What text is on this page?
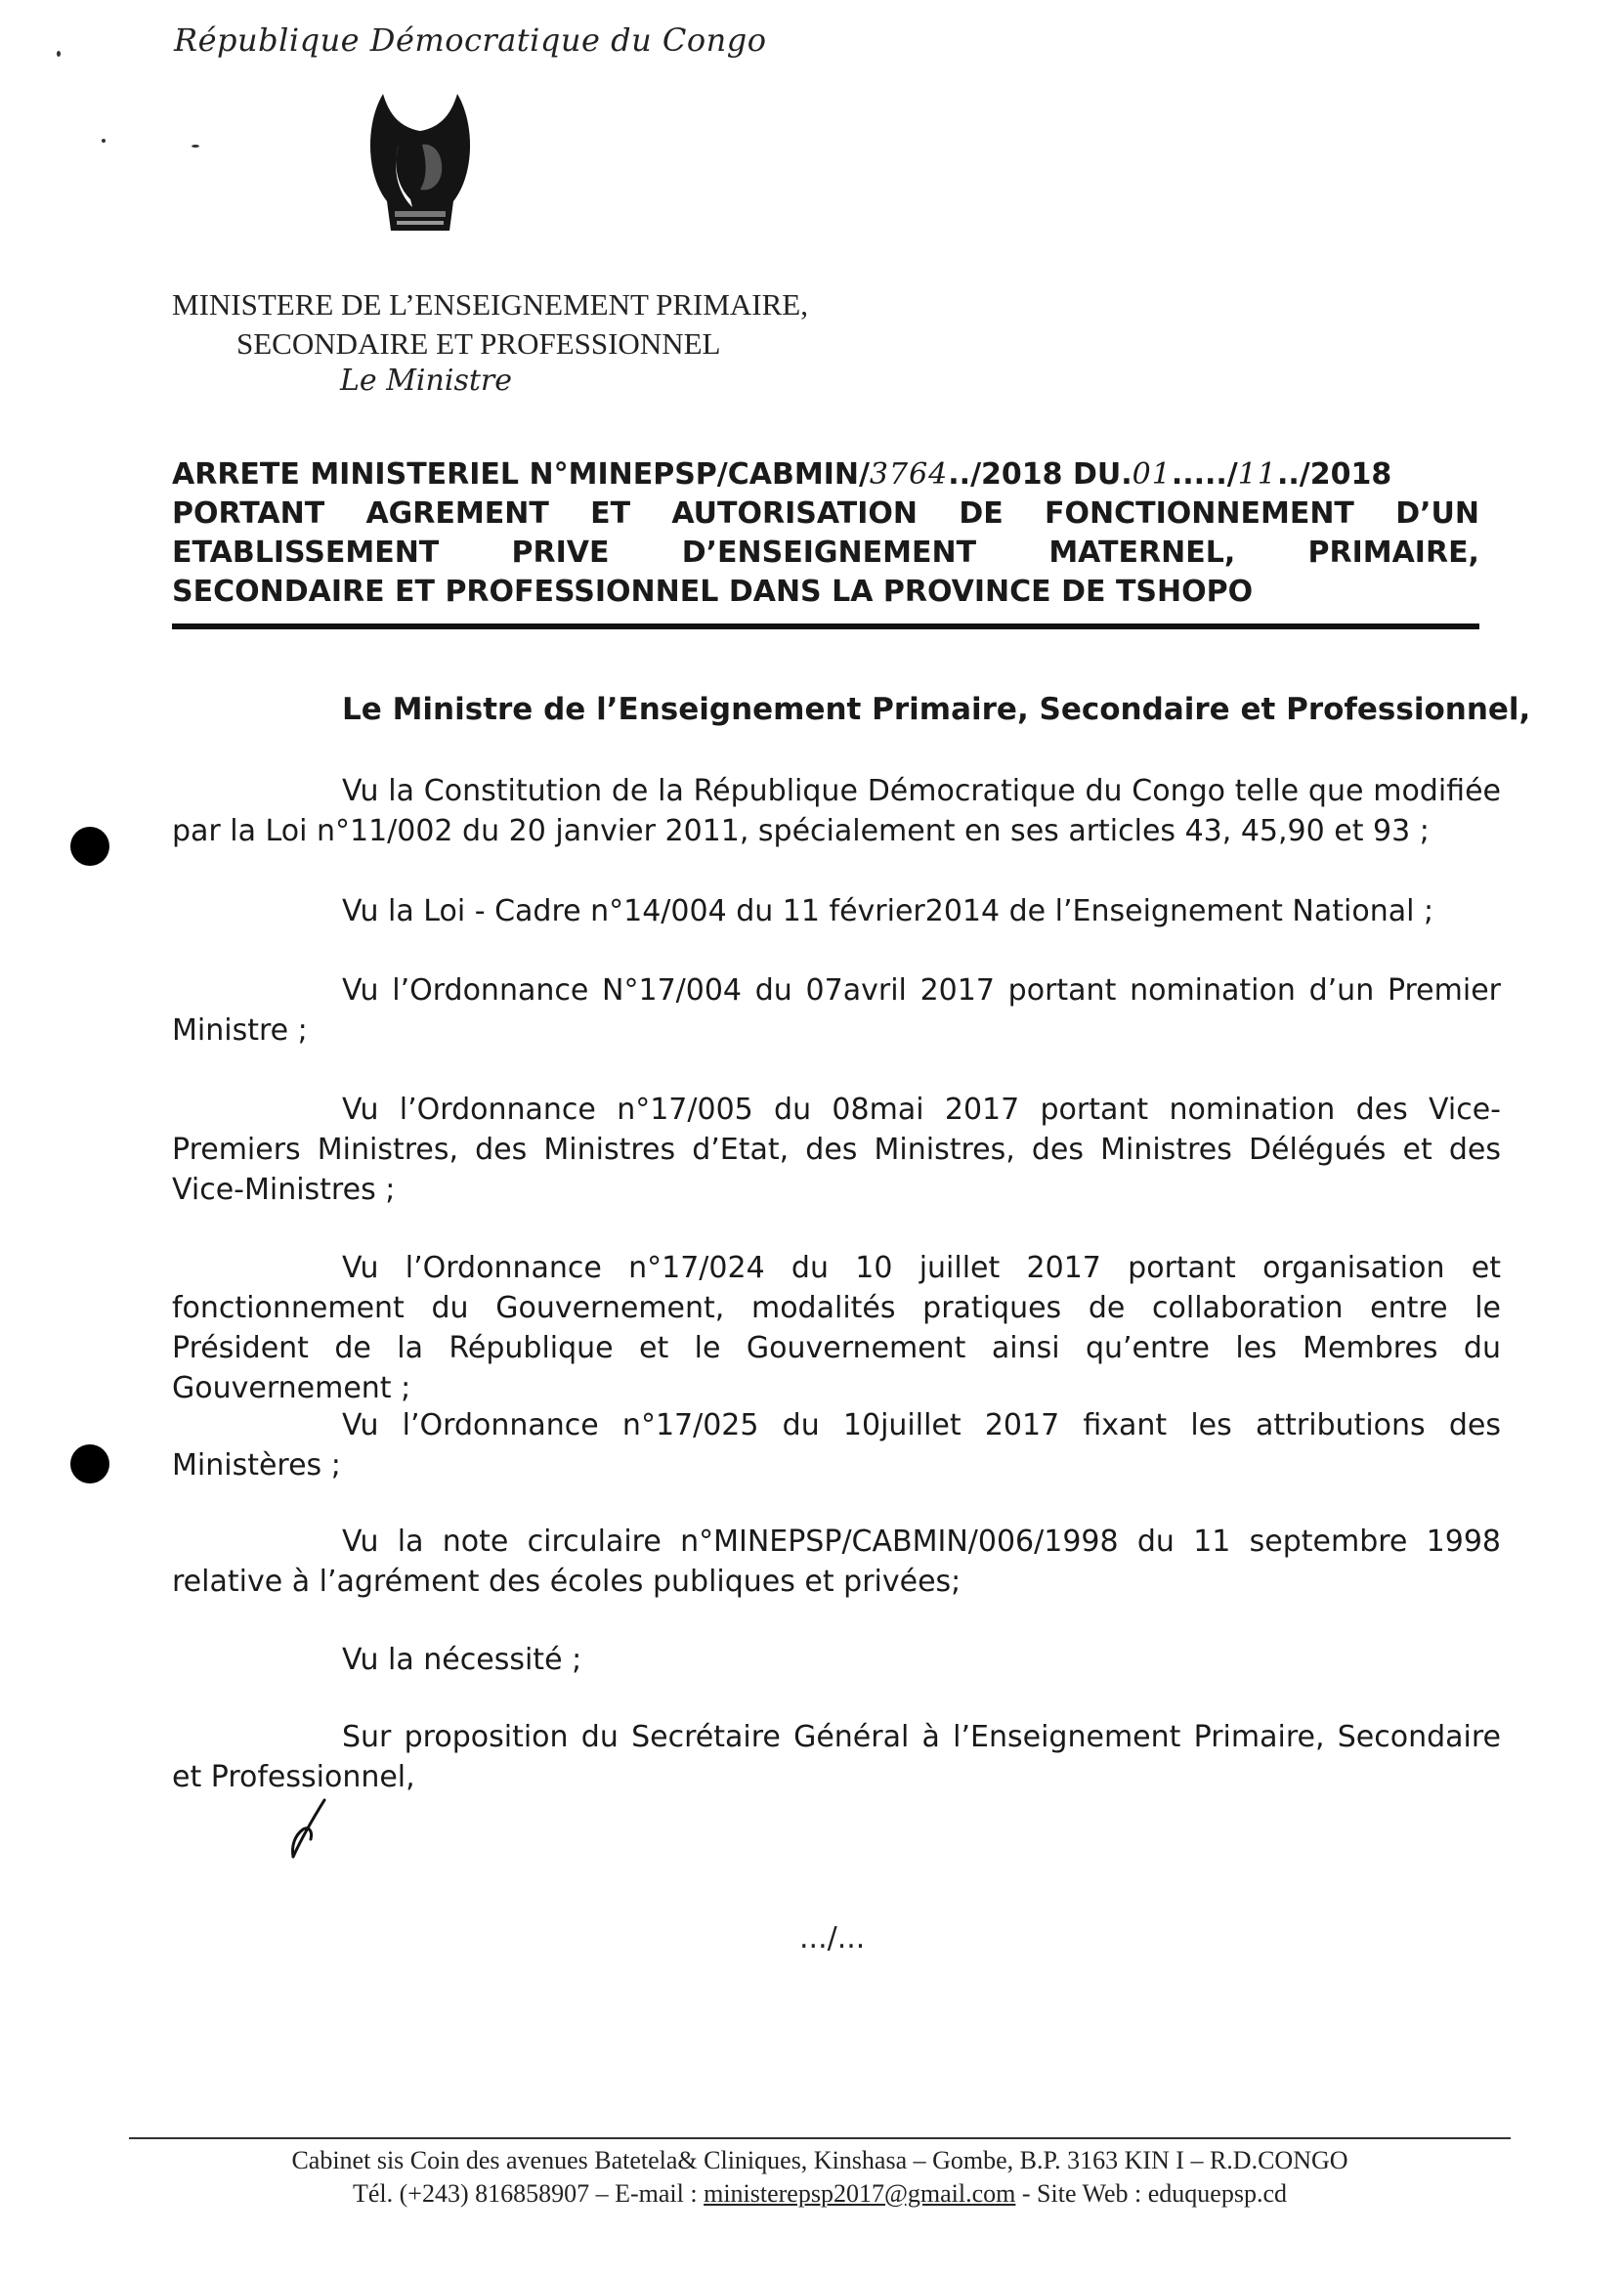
République Démocratique du Congo
MINISTERE DE L’ENSEIGNEMENT PRIMAIRE,
SECONDAIRE ET PROFESSIONNEL
Le Ministre
ARRETE MINISTERIEL N°MINEPSP/CABMIN/3764../2018 DU.01...../11../2018
PORTANT AGREMENT ET AUTORISATION DE FONCTIONNEMENT D’UN
ETABLISSEMENT PRIVE D’ENSEIGNEMENT MATERNEL, PRIMAIRE,
SECONDAIRE ET PROFESSIONNEL DANS LA PROVINCE DE TSHOPO
Le Ministre de l’Enseignement Primaire, Secondaire et Professionnel,

Vu la Constitution de la République Démocratique du Congo telle que modifiée par la Loi n°11/002 du 20 janvier 2011, spécialement en ses articles 43, 45,90 et 93 ;

Vu la Loi - Cadre n°14/004 du 11 février2014 de l’Enseignement National ;

Vu l’Ordonnance N°17/004 du 07avril 2017 portant nomination d’un Premier Ministre ;

Vu l’Ordonnance n°17/005 du 08mai 2017 portant nomination des Vice-Premiers Ministres, des Ministres d’Etat, des Ministres, des Ministres Délégués et des Vice-Ministres ;

Vu l’Ordonnance n°17/024 du 10 juillet 2017 portant organisation et fonctionnement du Gouvernement, modalités pratiques de collaboration entre le Président de la République et le Gouvernement ainsi qu’entre les Membres du Gouvernement ;

Vu l’Ordonnance n°17/025 du 10juillet 2017 fixant les attributions des Ministères ;

Vu la note circulaire n°MINEPSP/CABMIN/006/1998 du 11 septembre 1998 relative à l’agrément des écoles publiques et privées;

Vu la nécessité ;

Sur proposition du Secrétaire Général à l’Enseignement Primaire, Secondaire et Professionnel,

.../...
Cabinet sis Coin des avenues Batetela& Cliniques, Kinshasa – Gombe, B.P. 3163 KIN I – R.D.CONGO
Tél. (+243) 816858907 – E-mail : ministerepsp2017@gmail.com - Site Web : eduquepsp.cd
